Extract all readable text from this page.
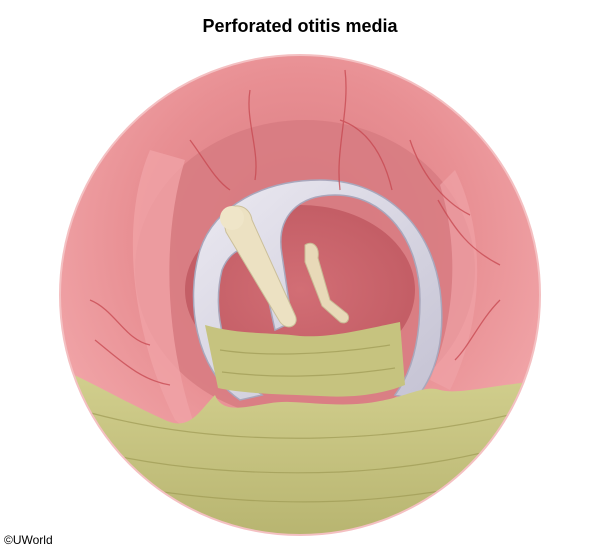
Perforated otitis media
©UWorld
